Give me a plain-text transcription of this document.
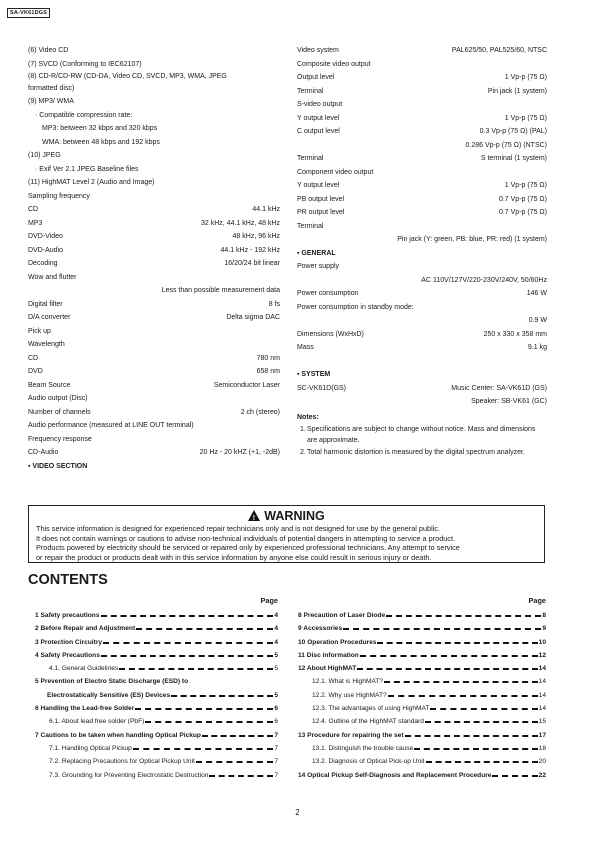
SA-VK61DGS
(6) Video CD
(7) SVCD (Conforming to IEC62107)
(8) CD-R/CD-RW (CD-DA, Video CD, SVCD, MP3, WMA, JPEG
formatted disc)
(9) MP3/ WMA
· Compatible compression rate:
MP3: between 32 kbps and 320 kbps
WMA: between 48 kbps and 192 kbps
(10) JPEG
· Exif Ver 2.1 JPEG Baseline files
(11) HighMAT Level 2 (Audio and Image)
Sampling frequency
CD	44.1 kHz
MP3	32 kHz, 44.1 kHz, 48 kHz
DVD-Video	48 kHz, 96 kHz
DVD-Audio	44.1 kHz - 192 kHz
Decoding	16/20/24 bit linear
Wow and flutter
Less than possible measurement data
Digital filter	8 fs
D/A converter	Delta sigma DAC
Pick up
Wavelength
CD	780 nm
DVD	658 nm
Beam Source	Semiconductor Laser
Audio output (Disc)
Number of channels	2 ch (stereo)
Audio performance (measured at LINE OUT terminal)
Frequency response
CD-Audio	20 Hz - 20 kHZ (+1, -2dB)
▪ VIDEO SECTION
Video system	PAL625/50, PAL525/60, NTSC
Composite video output
Output level	1 Vp-p (75 Ω)
Terminal	Pin jack (1 system)
S-video output
Y output level	1 Vp-p (75 Ω)
C output level	0.3 Vp-p (75 Ω) (PAL)
0.286 Vp-p (75 Ω) (NTSC)
Terminal	S terminal (1 system)
Component video output
Y output level	1 Vp-p (75 Ω)
PB output level	0.7 Vp-p (75 Ω)
PR output level	0.7 Vp-p (75 Ω)
Terminal
Pin jack (Y: green, PB: blue, PR: red) (1 system)
▪ GENERAL
Power supply
AC 110V/127V/220-230V/240V, 50/60Hz
Power consumption	146 W
Power consumption in standby mode:
0.9 W
Dimensions (WxHxD)	250 x 330 x 358 mm
Mass	9.1 kg
▪ SYSTEM
SC-VK61D(GS)	Music Center: SA-VK61D (GS)
Speaker: SB-VK61 (GC)
Notes:
1. Specifications are subject to change without notice. Mass and dimensions are approximate.
2. Total harmonic distortion is measured by the digital spectrum analyzer.
!WARNING
This service information is designed for experienced repair technicians only and is not designed for use by the general public.
It does not contain warnings or cautions to advise non-technical individuals of potential dangers in attempting to service a product.
Products powered by electricity should be serviced or repaired only by experienced professional technicians. Any attempt to service
or repair the product or products dealt with in this service information by anyone else could result in serious injury or death.
CONTENTS
Page
1 Safety precautions	4
2 Before Repair and Adjustment	4
3 Protection Circuitry	4
4 Safety Precautions	5
4.1. General Guidelines	5
5 Prevention of Electro Static Discharge (ESD) to
Electrostatically Sensitive (ES) Devices	5
6 Handling the Lead-free Solder	6
6.1. About lead free solder (PbF)	6
7 Cautions to be taken when handling Optical Pickup	7
7.1. Handling Optical Pickup	7
7.2. Replacing Precautions for Optical Pickup Unit	7
7.3. Grounding for Preventing Electrostatic Destruction	7
Page
8 Precaution of Laser Diode	8
9 Accessories	9
10 Operation Procedures	10
11 Disc information	12
12 About HighMAT	14
12.1. What is HighMAT?	14
12.2. Why use HighMAT?	14
12.3. The advantages of using HighMAT	14
12.4. Outline of the HighMAT standard	15
13 Procedure for repairing the set	17
13.1. Distinguish the trouble cause	18
13.2. Diagnosis of Optical Pick-up Unit	20
14 Optical Pickup Self-Diagnosis and Replacement Procedure	22
2
